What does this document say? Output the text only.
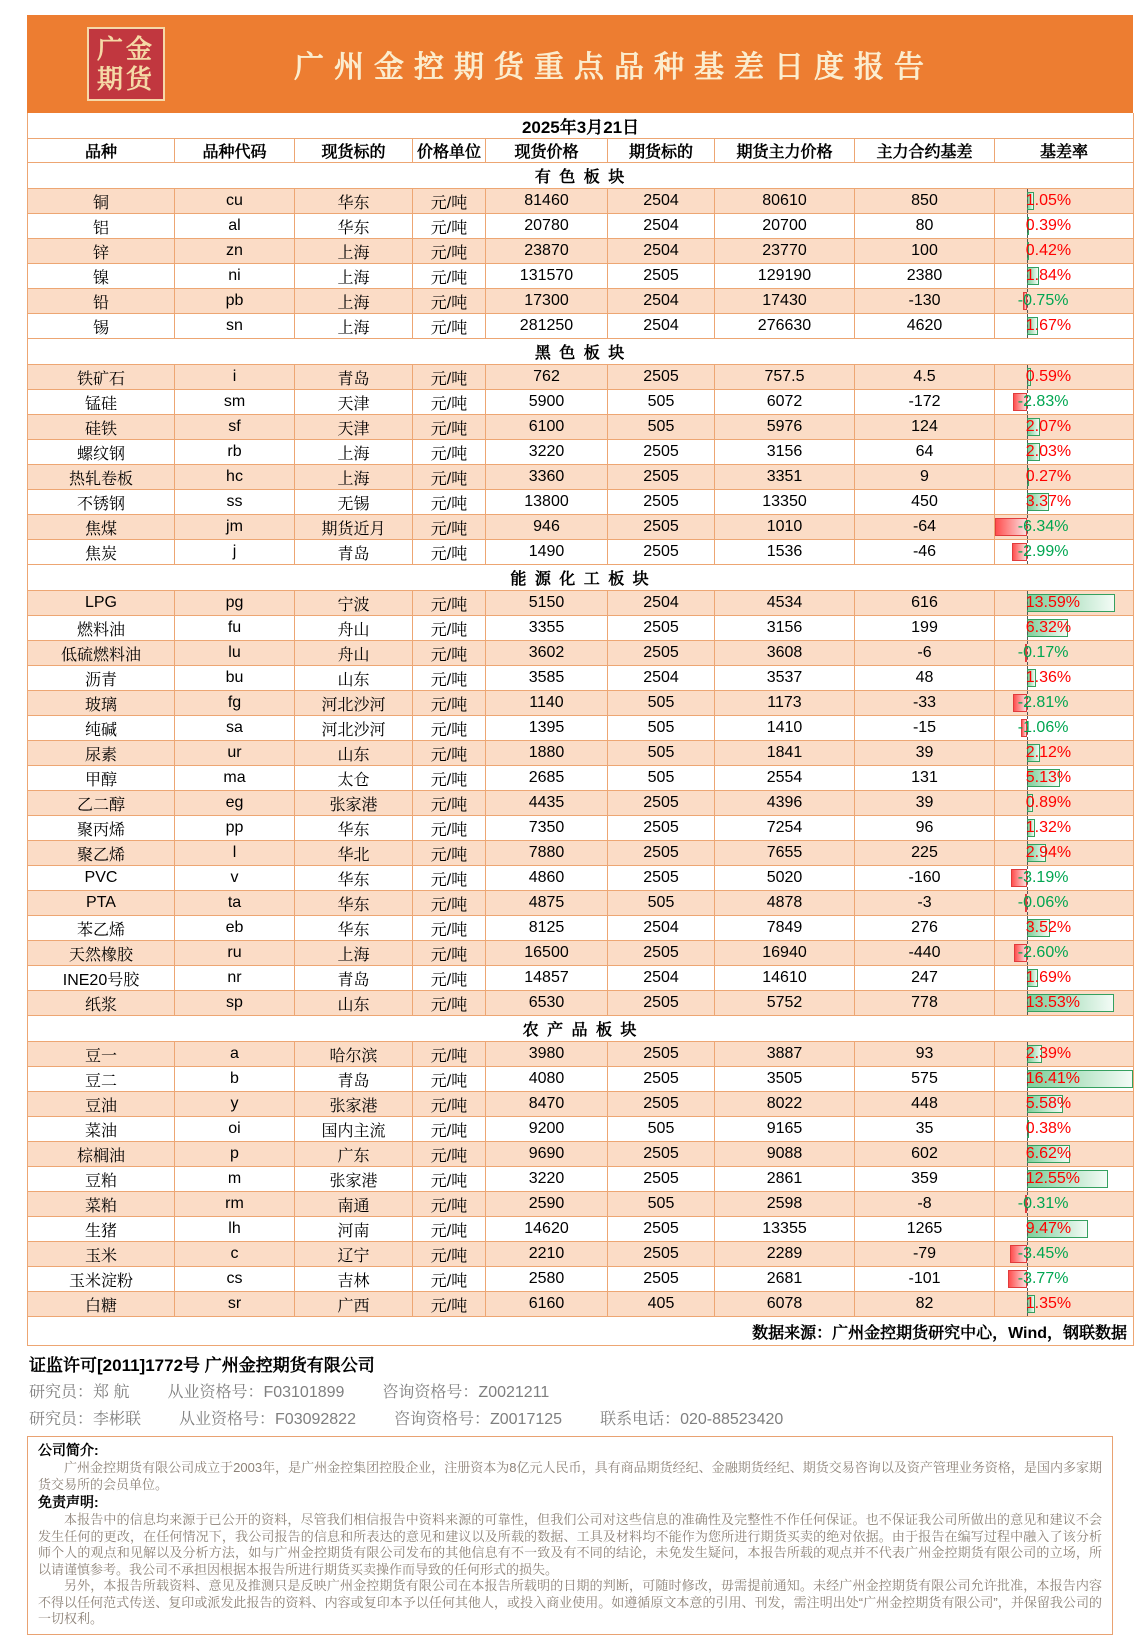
广金
期货	广州金控期货重点品种基差日度报告
2025年3月21日								
品种	品种代码	现货标的	价格单位	现货价格	期货标的	期货主力价格	主力合约基差	基差率
有 色 板 块								
铜	cu	华东	元/吨	81460	2504	80610	850	1.05%

铝	al	华东	元/吨	20780	2504	20700	80	0.39%

锌	zn	上海	元/吨	23870	2504	23770	100	0.42%

镍	ni	上海	元/吨	131570	2505	129190	2380	1.84%

铅	pb	上海	元/吨	17300	2504	17430	-130	-0.75%

锡	sn	上海	元/吨	281250	2504	276630	4620	1.67%

黑 色 板 块								
铁矿石	i	青岛	元/吨	762	2505	757.5	4.5	0.59%

锰硅	sm	天津	元/吨	5900	505	6072	-172	-2.83%

硅铁	sf	天津	元/吨	6100	505	5976	124	2.07%

螺纹钢	rb	上海	元/吨	3220	2505	3156	64	2.03%

热轧卷板	hc	上海	元/吨	3360	2505	3351	9	0.27%

不锈钢	ss	无锡	元/吨	13800	2505	13350	450	3.37%

焦煤	jm	期货近月	元/吨	946	2505	1010	-64	-6.34%

焦炭	j	青岛	元/吨	1490	2505	1536	-46	-2.99%

能 源 化 工 板 块								
LPG	pg	宁波	元/吨	5150	2504	4534	616	13.59%

燃料油	fu	舟山	元/吨	3355	2505	3156	199	6.32%

低硫燃料油	lu	舟山	元/吨	3602	2505	3608	-6	-0.17%

沥青	bu	山东	元/吨	3585	2504	3537	48	1.36%

玻璃	fg	河北沙河	元/吨	1140	505	1173	-33	-2.81%

纯碱	sa	河北沙河	元/吨	1395	505	1410	-15	-1.06%

尿素	ur	山东	元/吨	1880	505	1841	39	2.12%

甲醇	ma	太仓	元/吨	2685	505	2554	131	5.13%

乙二醇	eg	张家港	元/吨	4435	2505	4396	39	0.89%

聚丙烯	pp	华东	元/吨	7350	2505	7254	96	1.32%

聚乙烯	l	华北	元/吨	7880	2505	7655	225	2.94%

PVC	v	华东	元/吨	4860	2505	5020	-160	-3.19%

PTA	ta	华东	元/吨	4875	505	4878	-3	-0.06%

苯乙烯	eb	华东	元/吨	8125	2504	7849	276	3.52%

天然橡胶	ru	上海	元/吨	16500	2505	16940	-440	-2.60%

INE20号胶	nr	青岛	元/吨	14857	2504	14610	247	1.69%

纸浆	sp	山东	元/吨	6530	2505	5752	778	13.53%

农 产 品 板 块								
豆一	a	哈尔滨	元/吨	3980	2505	3887	93	2.39%

豆二	b	青岛	元/吨	4080	2505	3505	575	16.41%

豆油	y	张家港	元/吨	8470	2505	8022	448	5.58%

菜油	oi	国内主流	元/吨	9200	505	9165	35	0.38%

棕榈油	p	广东	元/吨	9690	2505	9088	602	6.62%

豆粕	m	张家港	元/吨	3220	2505	2861	359	12.55%

菜粕	rm	南通	元/吨	2590	505	2598	-8	-0.31%

生猪	lh	河南	元/吨	14620	2505	13355	1265	9.47%

玉米	c	辽宁	元/吨	2210	2505	2289	-79	-3.45%

玉米淀粉	cs	吉林	元/吨	2580	2505	2681	-101	-3.77%

白糖	sr	广西	元/吨	6160	405	6078	82	1.35%

数据来源：广州金控期货研究中心，Wind，钢联数据								
证监许可[2011]1772号 广州金控期货有限公司
研究员：郑 航 从业资格号：F03101899 咨询资格号：Z0021211
研究员：李彬联 从业资格号：F03092822 咨询资格号：Z0017125 联系电话：020-88523420
公司简介:

广州金控期货有限公司成立于2003年，是广州金控集团控股企业，注册资本为8亿元人民币，具有商品期货经纪、金融期货经纪、期货交易咨询以及资产管理业务资格，是国内多家期货交易所的会员单位。

免责声明:

本报告中的信息均来源于已公开的资料，尽管我们相信报告中资料来源的可靠性，但我们公司对这些信息的准确性及完整性不作任何保证。也不保证我公司所做出的意见和建议不会发生任何的更改，在任何情况下，我公司报告的信息和所表达的意见和建议以及所载的数据、工具及材料均不能作为您所进行期货买卖的绝对依据。由于报告在编写过程中融入了该分析师个人的观点和见解以及分析方法，如与广州金控期货有限公司发布的其他信息有不一致及有不同的结论，未免发生疑问，本报告所载的观点并不代表广州金控期货有限公司的立场，所以请谨慎参考。我公司不承担因根据本报告所进行期货买卖操作而导致的任何形式的损失。

另外，本报告所载资料、意见及推测只是反映广州金控期货有限公司在本报告所载明的日期的判断，可随时修改，毋需提前通知。未经广州金控期货有限公司允许批准，本报告内容不得以任何范式传送、复印或派发此报告的资料、内容或复印本予以任何其他人，或投入商业使用。如遵循原文本意的引用、刊发，需注明出处“广州金控期货有限公司”，并保留我公司的一切权利。
